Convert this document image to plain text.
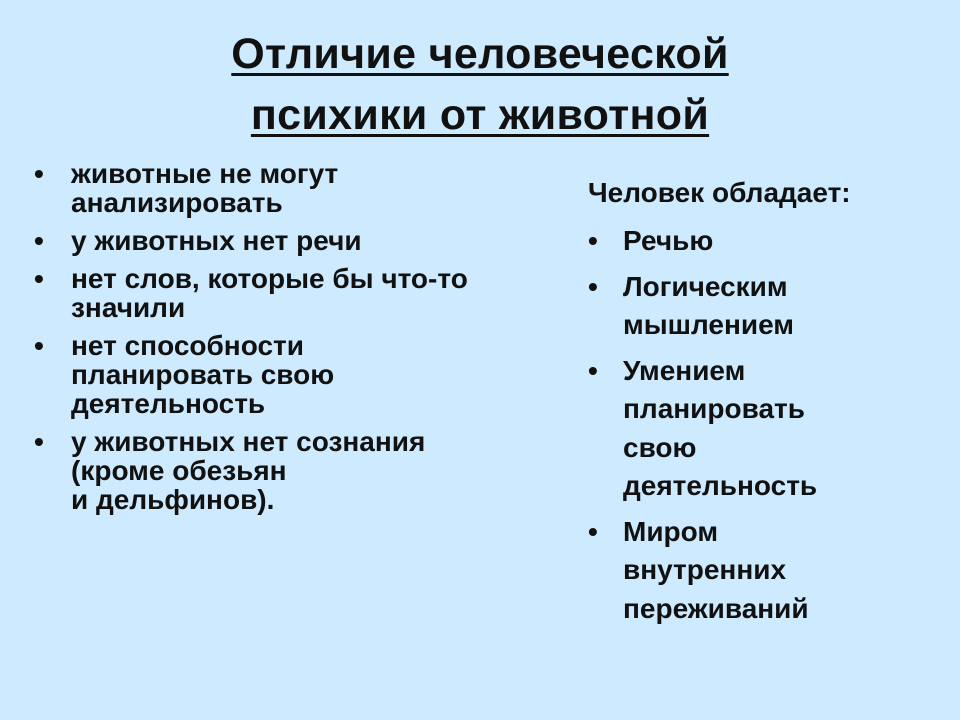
Отличие человеческой
психики от животной
• животные не могут
анализировать
• у животных нет речи
• нет слов, которые бы что-то
значили
• нет способности
планировать свою
деятельность
• у животных нет сознания
(кроме обезьян
и дельфинов).
Человек обладает:
• Речью
• Логическим
мышлением
• Умением
планировать
свою
деятельность
• Миром
внутренних
переживаний
